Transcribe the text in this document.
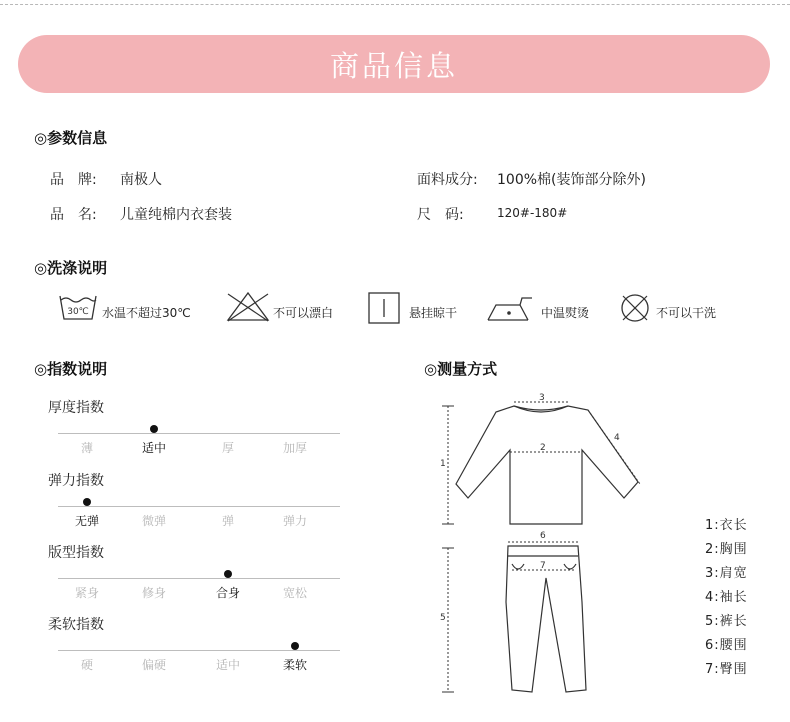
商品信息
◎参数信息
品　牌: 南极人
品　名: 儿童纯棉内衣套装
面料成分: 100%棉(装饰部分除外)
尺　码:	120#-180#
◎洗涤说明
30℃ 水温不超过30℃	不可以漂白	悬挂晾干	中温熨烫	不可以干洗
◎指数说明
厚度指数
薄	适中	厚	加厚
弹力指数
无弹	微弹	弹	弹力
版型指数
紧身	修身	合身	宽松
柔软指数
硬	偏硬	适中	柔软
◎测量方式
1
2
3
4
5
6
7
1:衣长
2:胸围
3:肩宽
4:袖长
5:裤长
6:腰围
7:臀围
